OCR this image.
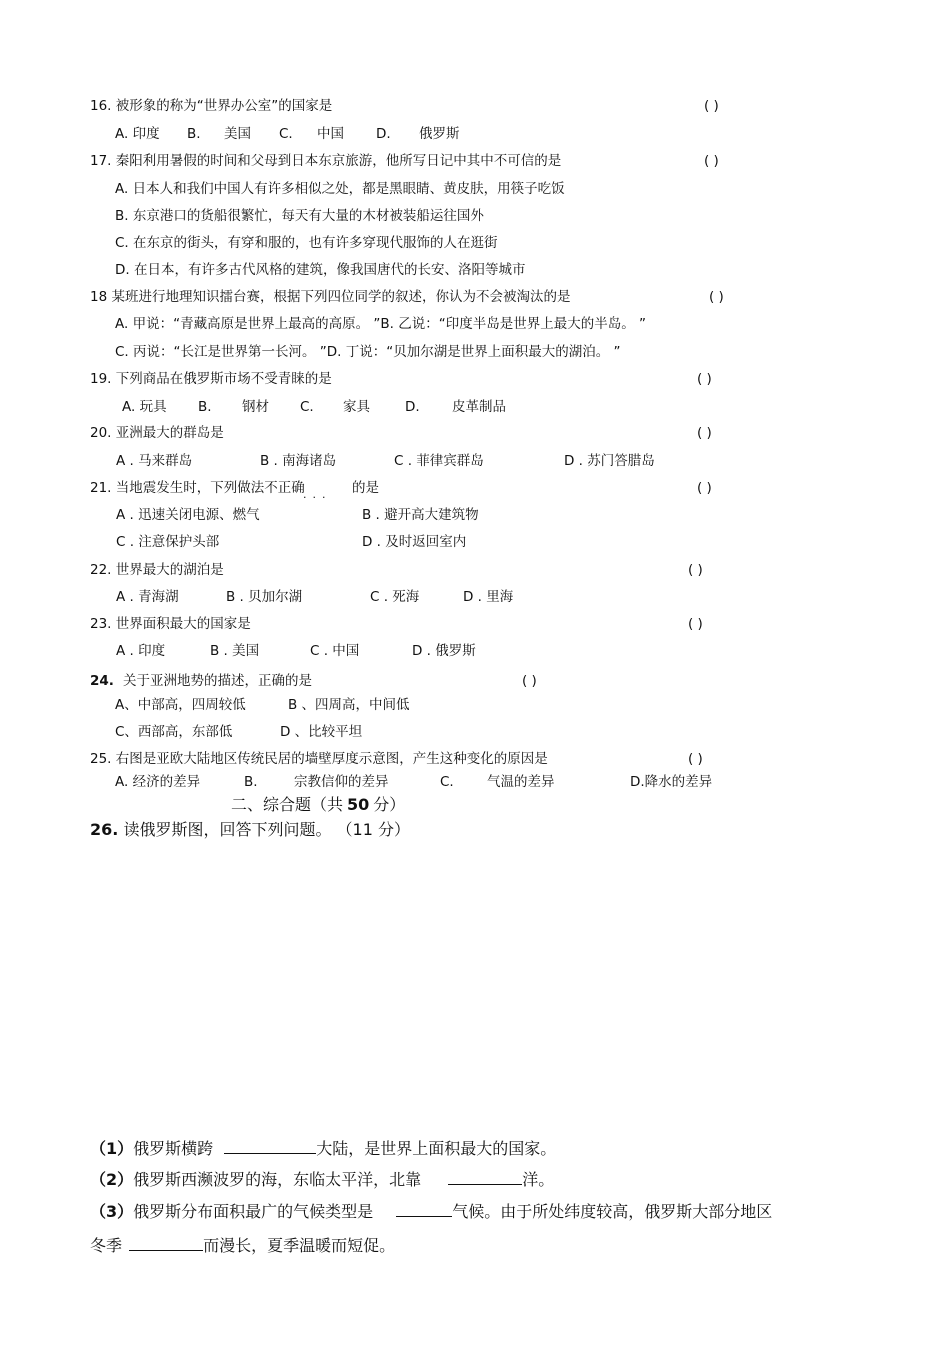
16. 被形象的称为“世界办公室”的国家是	( )
A. 印度 B. 美国 C. 中国 D. 俄罗斯
17. 秦阳利用暑假的时间和父母到日本东京旅游，他所写日记中其中不可信的是	( )
A. 日本人和我们中国人有许多相似之处，都是黑眼睛、黄皮肤，用筷子吃饭
B. 东京港口的货船很繁忙，每天有大量的木材被装船运往国外
C. 在东京的街头，有穿和服的，也有许多穿现代服饰的人在逛街
D. 在日本，有许多古代风格的建筑，像我国唐代的长安、洛阳等城市
18 某班进行地理知识擂台赛，根据下列四位同学的叙述，你认为不会被淘汰的是	( )
A. 甲说：“青藏高原是世界上最高的高原。 ”B. 乙说：“印度半岛是世界上最大的半岛。 ”
C. 丙说：“长江是世界第一长河。 ”D. 丁说：“贝加尔湖是世界上面积最大的湖泊。 ”
19. 下列商品在俄罗斯市场不受青睐的是	( )
A. 玩具 B. 钢材 C. 家具	D. 皮革制品
20. 亚洲最大的群岛是	( )
A . 马来群岛	B . 南海诸岛	C . 菲律宾群岛	D . 苏门答腊岛
21. 当地震发生时，下列做法不正确
···
的是	( )
A . 迅速关闭电源、燃气	B . 避开高大建筑物
C . 注意保护头部	D . 及时返回室内
22. 世界最大的湖泊是	( )
A . 青海湖	B . 贝加尔湖	C . 死海	D . 里海
23. 世界面积最大的国家是	( )
A . 印度	B . 美国	C . 中国	D . 俄罗斯
24. 关于亚洲地势的描述，正确的是	( )
A、中部高，四周较低	B 、四周高，中间低
C、西部高，东部低	D 、比较平坦
25. 右图是亚欧大陆地区传统民居的墙壁厚度示意图，产生这种变化的原因是	( )
A. 经济的差异	B.	宗教信仰的差异	C. 气温的差异	D.降水的差异
二、综合题（共 50 分）
26. 读俄罗斯图，回答下列问题。 （11 分）
（1）俄罗斯横跨	大陆，是世界上面积最大的国家。
（2）俄罗斯西濒波罗的海，东临太平洋，北靠	洋。
（3）俄罗斯分布面积最广的气候类型是	气候。由于所处纬度较高，俄罗斯大部分地区
冬季	而漫长，夏季温暖而短促。
